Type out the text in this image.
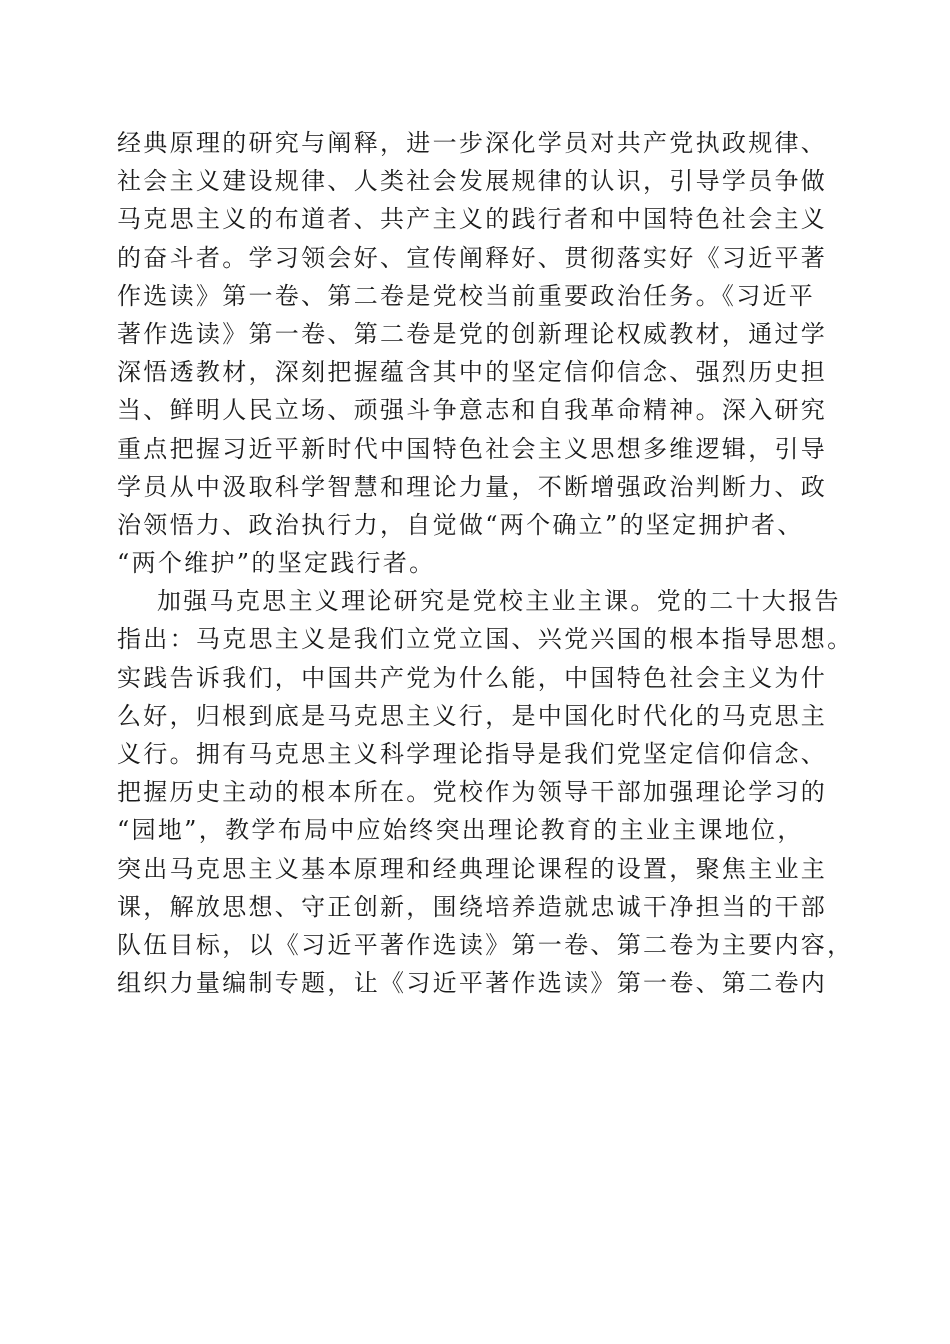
经典原理的研究与阐释，进一步深化学员对共产党执政规律、
社会主义建设规律、人类社会发展规律的认识，引导学员争做
马克思主义的布道者、共产主义的践行者和中国特色社会主义
的奋斗者。学习领会好、宣传阐释好、贯彻落实好《习近平著
作选读》第一卷、第二卷是党校当前重要政治任务。《习近平
著作选读》第一卷、第二卷是党的创新理论权威教材，通过学
深悟透教材，深刻把握蕴含其中的坚定信仰信念、强烈历史担
当、鲜明人民立场、顽强斗争意志和自我革命精神。深入研究
重点把握习近平新时代中国特色社会主义思想多维逻辑，引导
学员从中汲取科学智慧和理论力量，不断增强政治判断力、政
治领悟力、政治执行力，自觉做“两个确立”的坚定拥护者、
“两个维护”的坚定践行者。
加强马克思主义理论研究是党校主业主课。党的二十大报告
指出：马克思主义是我们立党立国、兴党兴国的根本指导思想。
实践告诉我们，中国共产党为什么能，中国特色社会主义为什
么好，归根到底是马克思主义行，是中国化时代化的马克思主
义行。拥有马克思主义科学理论指导是我们党坚定信仰信念、
把握历史主动的根本所在。党校作为领导干部加强理论学习的
“园地”，教学布局中应始终突出理论教育的主业主课地位，
突出马克思主义基本原理和经典理论课程的设置，聚焦主业主
课，解放思想、守正创新，围绕培养造就忠诚干净担当的干部
队伍目标，以《习近平著作选读》第一卷、第二卷为主要内容，
组织力量编制专题，让《习近平著作选读》第一卷、第二卷内
